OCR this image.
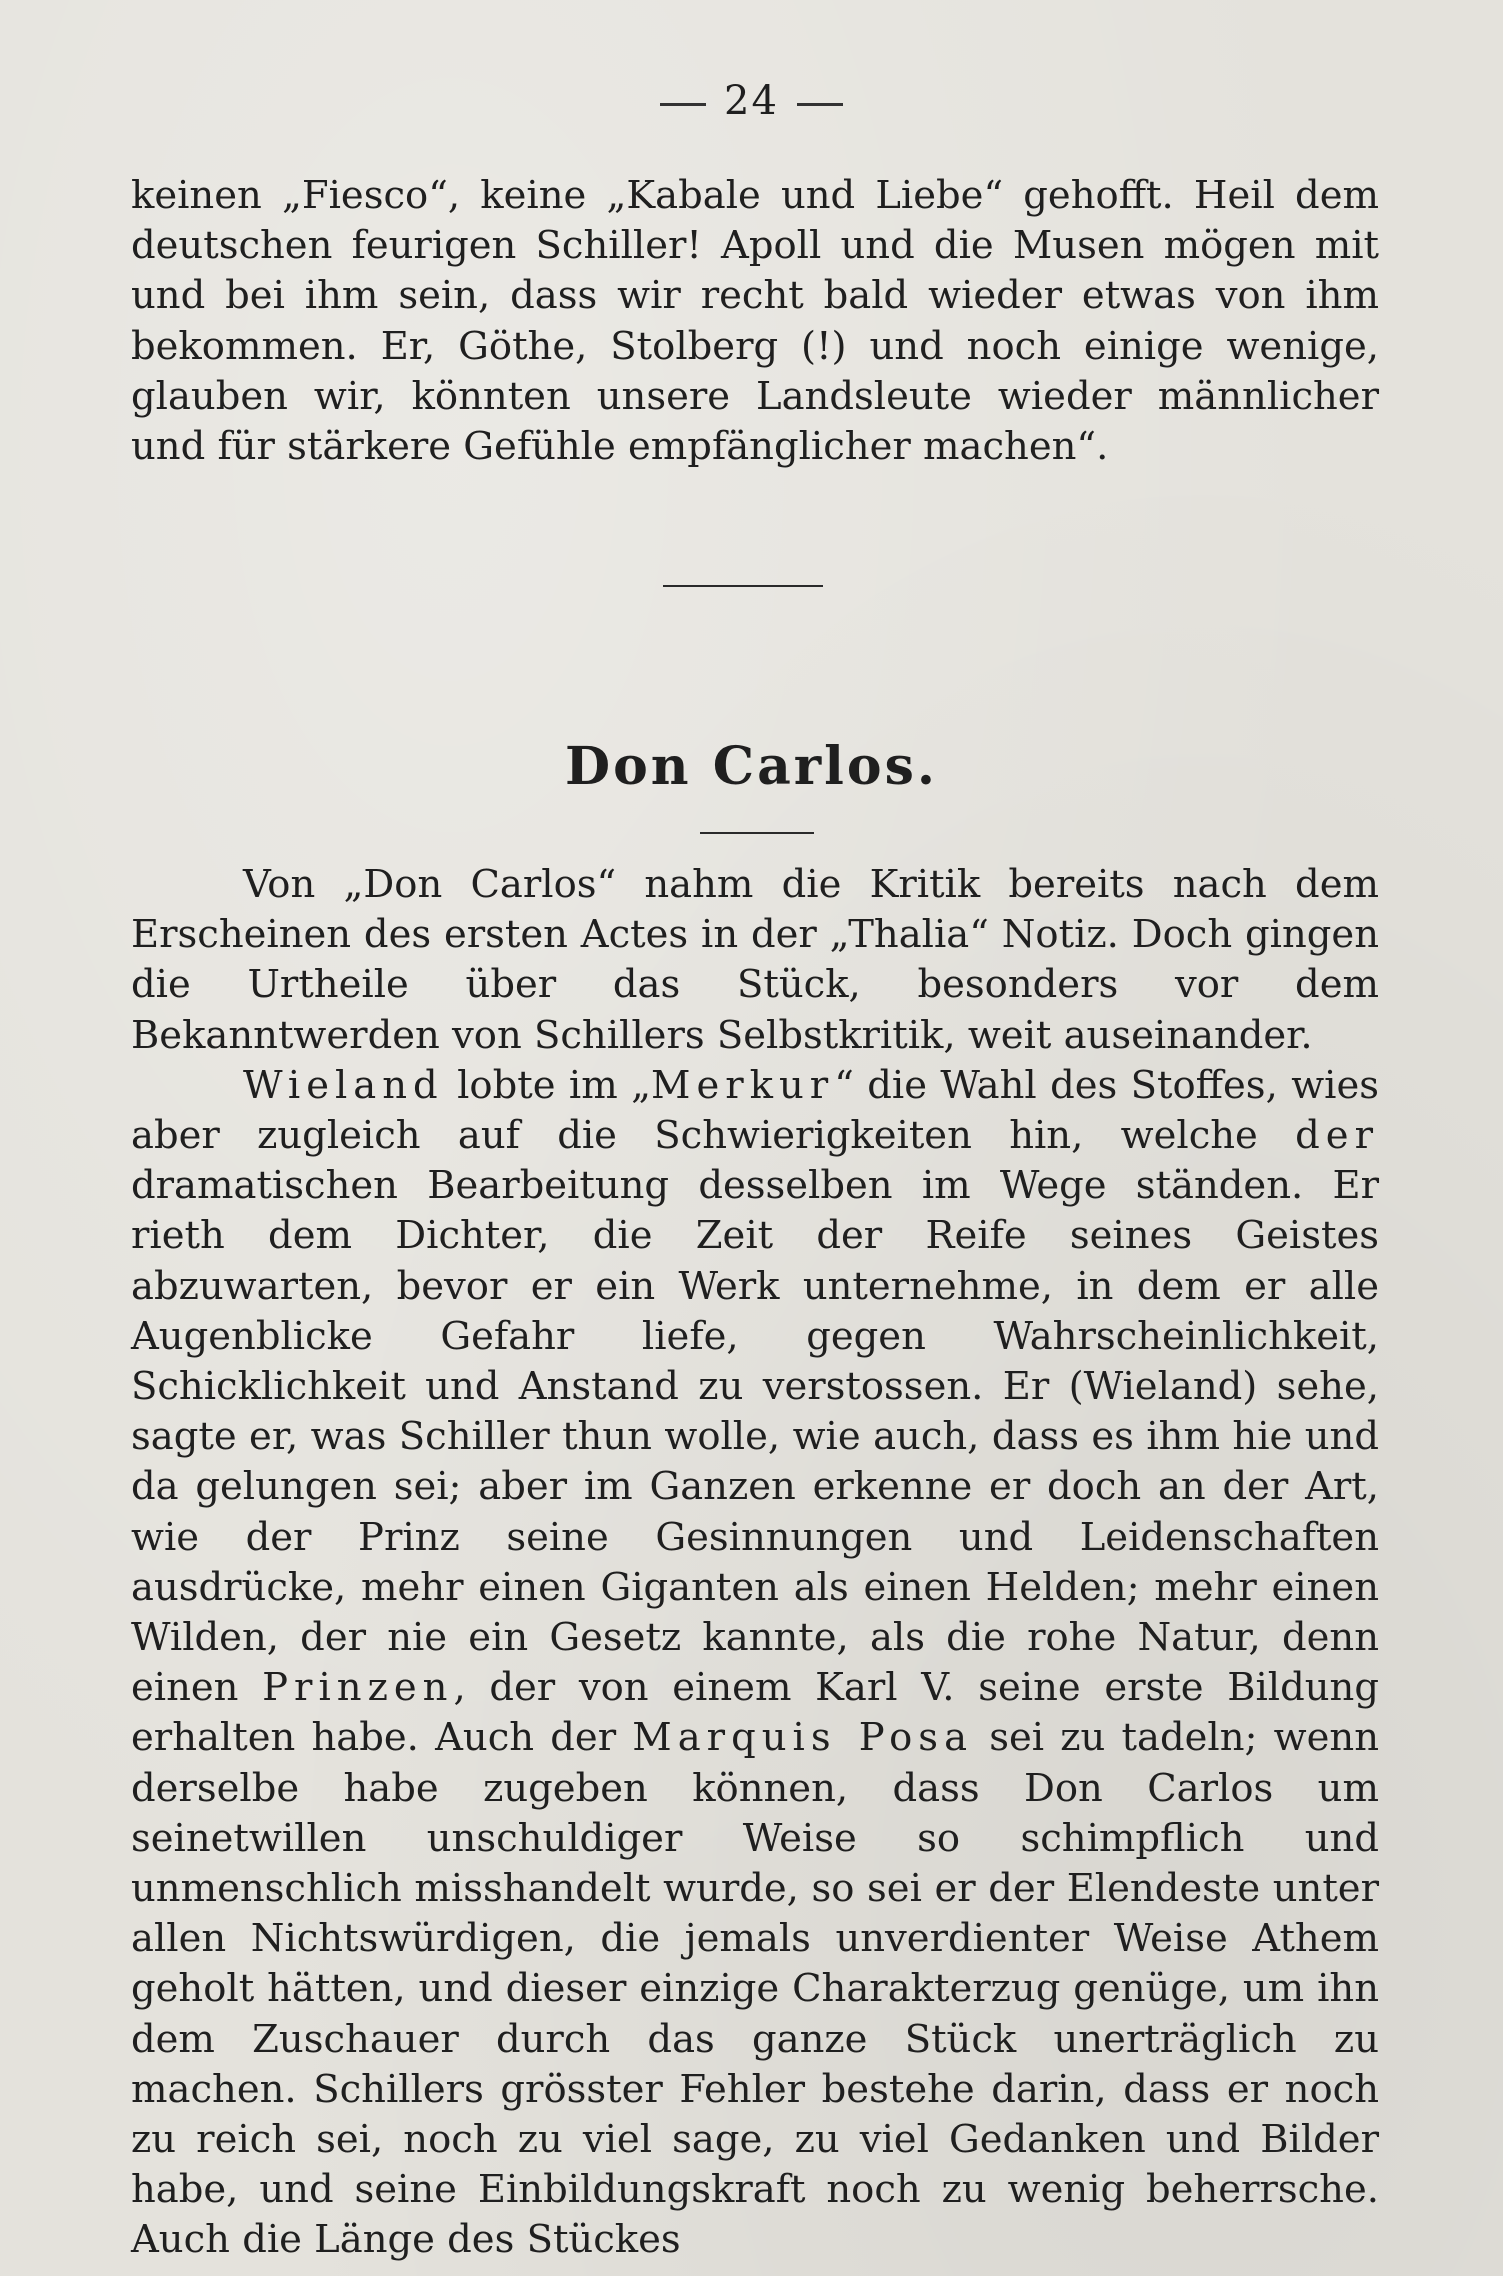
24

keinen „Fiesco“, keine „Kabale und Liebe“ gehofft. Heil dem deutschen feurigen Schiller! Apoll und die Musen mögen mit und bei ihm sein, dass wir recht bald wieder etwas von ihm bekommen. Er, Göthe, Stolberg (!) und noch einige wenige, glauben wir, könnten unsere Landsleute wieder männlicher und für stärkere Gefühle empfänglicher machen“.

Don Carlos.

Von „Don Carlos“ nahm die Kritik bereits nach dem Erscheinen des ersten Actes in der „Thalia“ Notiz. Doch gingen die Urtheile über das Stück, besonders vor dem Bekanntwerden von Schillers Selbstkritik, weit auseinander.

Wieland lobte im „Merkur“ die Wahl des Stoffes, wies aber zugleich auf die Schwierigkeiten hin, welche der dramatischen Bearbeitung desselben im Wege ständen. Er rieth dem Dichter, die Zeit der Reife seines Geistes abzuwarten, bevor er ein Werk unternehme, in dem er alle Augenblicke Gefahr liefe, gegen Wahrscheinlichkeit, Schicklichkeit und Anstand zu verstossen. Er (Wieland) sehe, sagte er, was Schiller thun wolle, wie auch, dass es ihm hie und da gelungen sei; aber im Ganzen erkenne er doch an der Art, wie der Prinz seine Gesinnungen und Leidenschaften ausdrücke, mehr einen Giganten als einen Helden; mehr einen Wilden, der nie ein Gesetz kannte, als die rohe Natur, denn einen Prinzen, der von einem Karl V. seine erste Bildung erhalten habe. Auch der Marquis Posa sei zu tadeln; wenn derselbe habe zugeben können, dass Don Carlos um seinetwillen unschuldiger Weise so schimpflich und unmenschlich misshandelt wurde, so sei er der Elendeste unter allen Nichtswürdigen, die jemals unverdienter Weise Athem geholt hätten, und dieser einzige Charakterzug genüge, um ihn dem Zuschauer durch das ganze Stück unerträglich zu machen. Schillers grösster Fehler bestehe darin, dass er noch zu reich sei, noch zu viel sage, zu viel Gedanken und Bilder habe, und seine Einbildungskraft noch zu wenig beherrsche. Auch die Länge des Stückes
